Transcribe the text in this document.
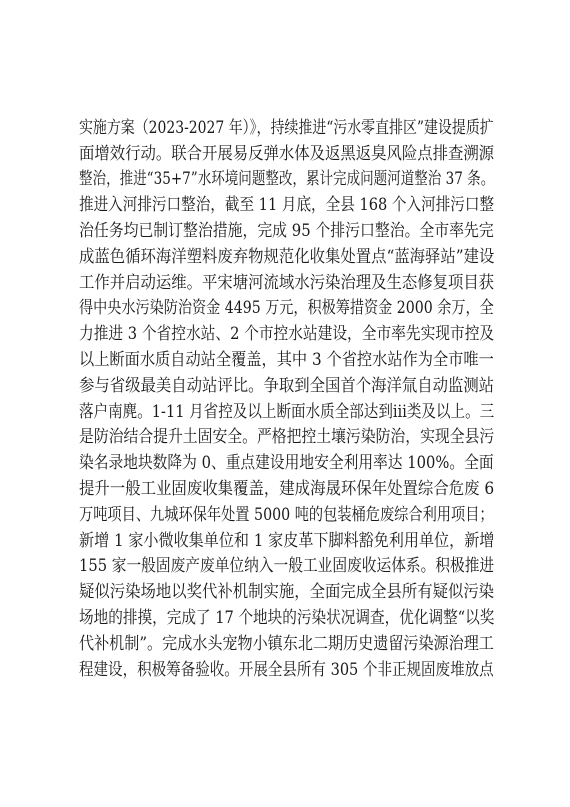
实施方案（2023-2027 年）》，持续推进“污水零直排区”建设提质扩
面增效行动。联合开展易反弹水体及返黑返臭风险点排查溯源
整治，推进“35+7”水环境问题整改，累计完成问题河道整治 37 条。
推进入河排污口整治，截至 11 月底，全县 168 个入河排污口整
治任务均已制订整治措施，完成 95 个排污口整治。全市率先完
成蓝色循环海洋塑料废弃物规范化收集处置点“蓝海驿站”建设
工作并启动运维。平宋塘河流域水污染治理及生态修复项目获
得中央水污染防治资金 4495 万元，积极筹措资金 2000 余万，全
力推进 3 个省控水站、2 个市控水站建设，全市率先实现市控及
以上断面水质自动站全覆盖，其中 3 个省控水站作为全市唯一
参与省级最美自动站评比。争取到全国首个海洋氚自动监测站
落户南麂。1-11 月省控及以上断面水质全部达到ⅲ类及以上。三
是防治结合提升土固安全。严格把控土壤污染防治，实现全县污
染名录地块数降为 0、重点建设用地安全利用率达 100%。全面
提升一般工业固废收集覆盖，建成海晟环保年处置综合危废 6
万吨项目、九城环保年处置 5000 吨的包装桶危废综合利用项目；
新增 1 家小微收集单位和 1 家皮革下脚料豁免利用单位，新增
155 家一般固废产废单位纳入一般工业固废收运体系。积极推进
疑似污染场地以奖代补机制实施，全面完成全县所有疑似污染
场地的排摸，完成了 17 个地块的污染状况调查，优化调整“以奖
代补机制”。完成水头宠物小镇东北二期历史遗留污染源治理工
程建设，积极筹备验收。开展全县所有 305 个非正规固废堆放点
